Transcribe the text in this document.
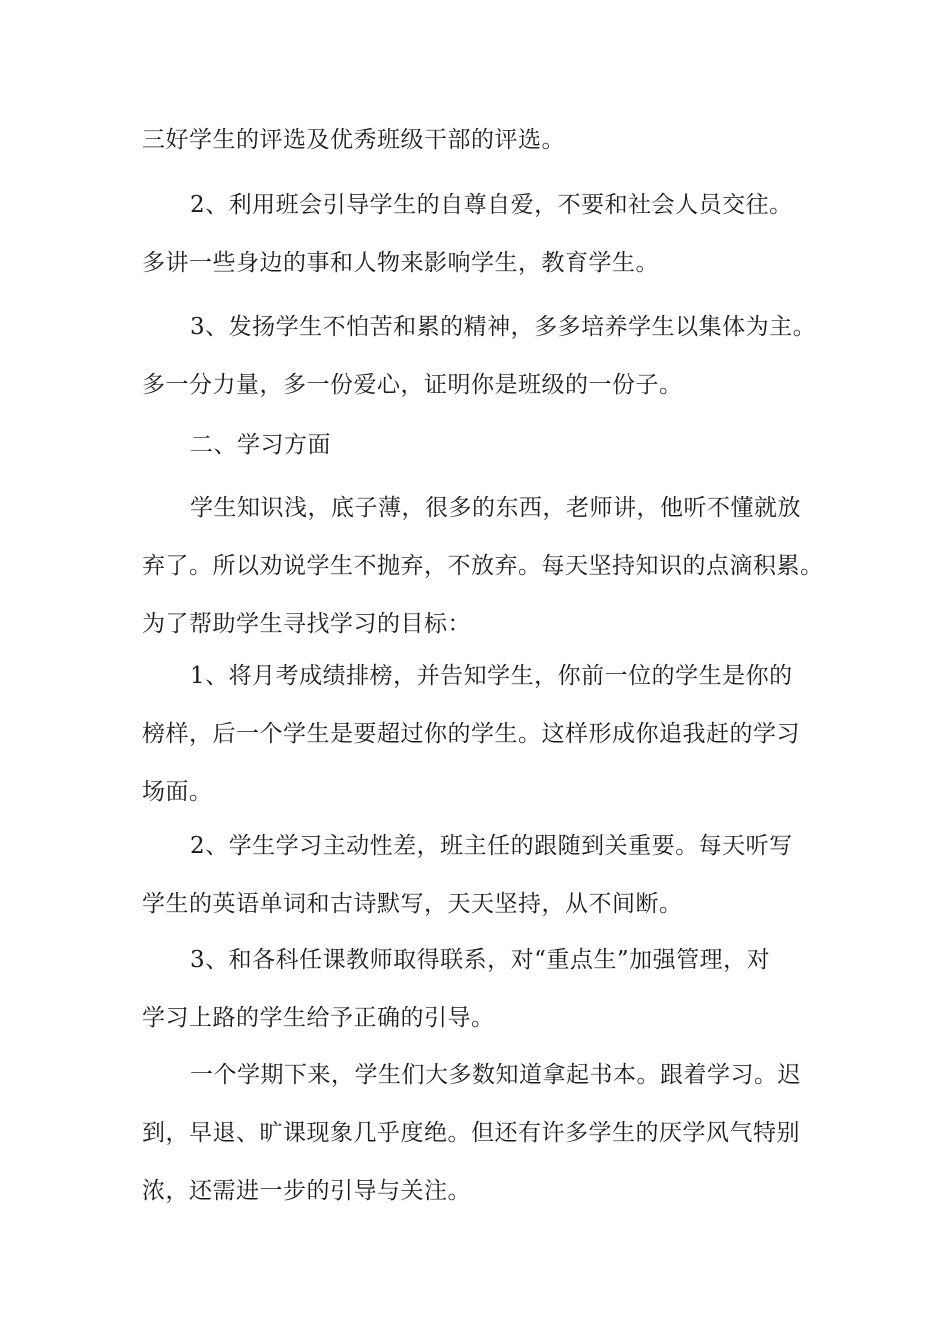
三好学生的评选及优秀班级干部的评选。

2、利用班会引导学生的自尊自爱，不要和社会人员交往。
多讲一些身边的事和人物来影响学生，教育学生。

3、发扬学生不怕苦和累的精神，多多培养学生以集体为主。
多一分力量，多一份爱心，证明你是班级的一份子。

二、学习方面

学生知识浅，底子薄，很多的东西，老师讲，他听不懂就放
弃了。所以劝说学生不抛弃，不放弃。每天坚持知识的点滴积累。
为了帮助学生寻找学习的目标：

1、将月考成绩排榜，并告知学生，你前一位的学生是你的
榜样，后一个学生是要超过你的学生。这样形成你追我赶的学习
场面。

2、学生学习主动性差，班主任的跟随到关重要。每天听写
学生的英语单词和古诗默写，天天坚持，从不间断。

3、和各科任课教师取得联系，对“重点生”加强管理，对
学习上路的学生给予正确的引导。

一个学期下来，学生们大多数知道拿起书本。跟着学习。迟
到，早退、旷课现象几乎度绝。但还有许多学生的厌学风气特别
浓，还需进一步的引导与关注。
